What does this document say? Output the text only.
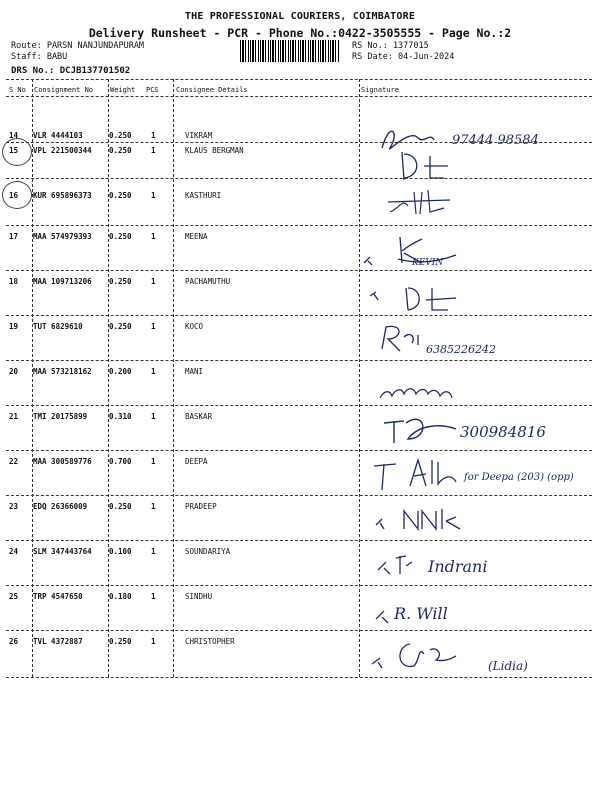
THE PROFESSIONAL COURIERS, COIMBATORE
Delivery Runsheet - PCR - Phone No.:0422-3505555 - Page No.:2
Route: PARSN NANJUNDAPURAM
Staff: BABU
RS No.: 1377015
RS Date: 04-Jun-2024
DRS No.: DCJB137701502
S No Consignment No Weight PCS Consignee Details	Signature
14 VLR 4444103	0.250	1	VIKRAM	97444 98584
15 VPL 221500344 0.250	1	KLAUS BERGMAN
16 KUR 695896373 0.250	1	KASTHURI
17 MAA 574979393 0.250	1	MEENA
KEVIN
18 MAA 109713206 0.250	1	PACHAMUTHU
19 TUT 6829610	0.250	1	KOCO
6385226242
20 MAA 573218162 0.200	1	MANI
21 TMI 20175899	0.310	1	BASKAR
300984816
22 MAA 300589776 0.700	1	DEEPA
for Deepa (203) (opp)
23 EDQ 26366009	0.250	1	PRADEEP
24 SLM 347443764 0.100	1	SOUNDARIYA
Indrani
25 TRP 4547650	0.180	1	SINDHU
R. Will
26 TVL 4372887	0.250	1	CHRISTOPHER
(Lidia)
